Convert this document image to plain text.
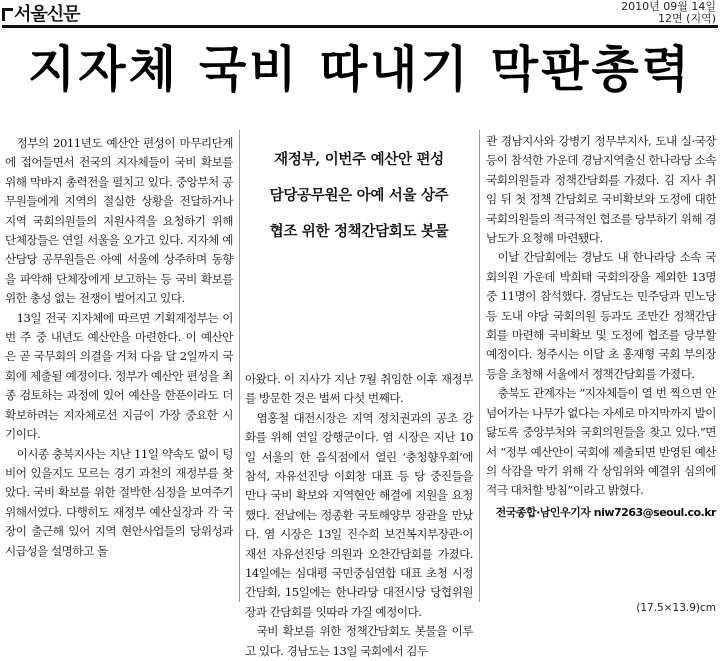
서울신문	2010년 09월 14일
12면 (지역)
지자체 국비 따내기 막판총력

정부의 2011년도 예산안 편성이 마무리단계에 접어들면서 전국의 지자체들이 국비 확보를 위해 막바지 총력전을 펼치고 있다. 중앙부처 공무원들에게 지역의 절실한 상황을 전달하거나 지역 국회의원들의 지원사격을 요청하기 위해 단체장들은 연일 서울을 오가고 있다. 지자체 예산담당 공무원들은 아예 서울에 상주하며 동향을 파악해 단체장에게 보고하는 등 국비 확보를 위한 총성 없는 전쟁이 벌어지고 있다.

13일 전국 지자체에 따르면 기획재정부는 이번 주 중 내년도 예산안을 마련한다. 이 예산안은 곧 국무회의 의결을 거쳐 다음 달 2일까지 국회에 제출될 예정이다. 정부가 예산안 편성을 최종 검토하는 과정에 있어 예산을 한푼이라도 더 확보하려는 지자체로선 지금이 가장 중요한 시기이다.

이시종 충북지사는 지난 11일 약속도 없이 텅 비어 있을지도 모르는 경기 과천의 재정부를 찾았다. 국비 확보를 위한 절박한 심정을 보여주기 위해서였다. 다행히도 재정부 예산실장과 각 국장이 출근해 있어 지역 현안사업들의 당위성과 시급성을 설명하고 돌

재정부, 이번주 예산안 편성
담당공무원은 아예 서울 상주
협조 위한 정책간담회도 봇물

아왔다. 이 지사가 지난 7월 취임한 이후 재정부를 방문한 것은 벌써 다섯 번째다.

염홍철 대전시장은 지역 정치권과의 공조 강화를 위해 연일 강행군이다. 염 시장은 지난 10일 서울의 한 음식점에서 열린 ‘충청향우회’에 참석, 자유선진당 이회창 대표 등 당 중진들을 만나 국비 확보와 지역현안 해결에 지원을 요청했다. 전날에는 정종환 국토해양부 장관을 만났다. 염 시장은 13일 진수희 보건복지부장관·이재선 자유선진당 의원과 오찬간담회를 가졌다. 14일에는 심대평 국민중심연합 대표 초청 시정간담회, 15일에는 한나라당 대전시당 당협위원장과 간담회를 잇따라 가질 예정이다.

국비 확보를 위한 정책간담회도 봇물을 이루고 있다. 경남도는 13일 국회에서 김두

관 경남지사와 강병기 정무부지사, 도내 실·국장 등이 참석한 가운데 경남지역출신 한나라당 소속 국회의원들과 정책간담회를 가졌다. 김 지사 취임 뒤 첫 정책 간담회로 국비확보와 도정에 대한 국회의원들의 적극적인 협조를 당부하기 위해 경남도가 요청해 마련됐다.

이날 간담회에는 경남도 내 한나라당 소속 국회의원 가운데 박희태 국회의장을 제외한 13명 중 11명이 참석했다. 경남도는 민주당과 민노당 등 도내 야당 국회의원 등과도 조만간 정책간담회를 마련해 국비확보 및 도정에 협조를 당부할 예정이다. 청주시는 이달 초 홍재형 국회 부의장 등을 초청해 서울에서 정책간담회를 가졌다.

충북도 관계자는 “지자체들이 열 번 찍으면 안 넘어가는 나무가 없다는 자세로 마지막까지 발이 닳도록 중앙부처와 국회의원들을 찾고 있다.”면서 “정부 예산안이 국회에 제출되면 반영된 예산의 삭감을 막기 위해 각 상임위와 예결위 심의에 적극 대처할 방침”이라고 밝혔다.

전국종합·남인우기자 niw7263@seoul.co.kr
(17.5×13.9)cm
